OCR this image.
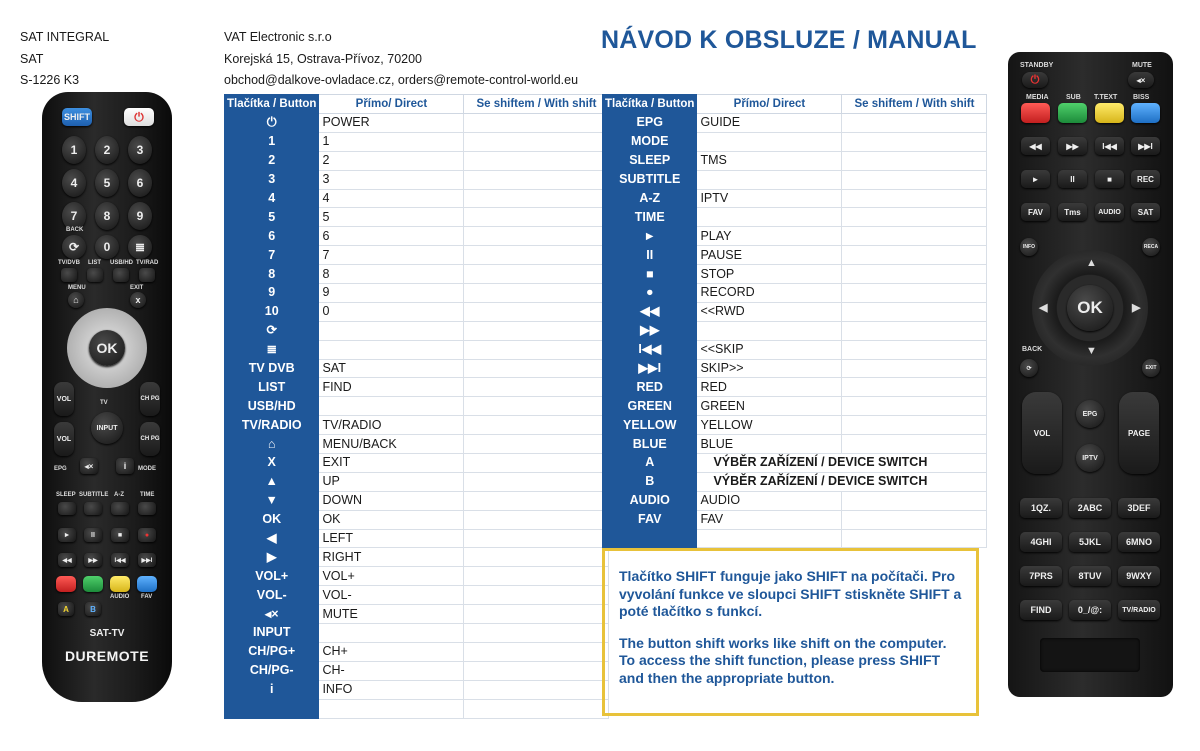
SAT INTEGRAL
SAT
S-1226 K3
VAT Electronic s.r.o
Korejská 15, Ostrava-Přívoz, 70200
obchod@dalkove-ovladace.cz, orders@remote-control-world.eu
NÁVOD K OBSLUZE / MANUAL
Tlačítka / Button	Přímo/ Direct	Se shiftem / With shift
⏻	POWER	
1	1	
2	2	
3	3	
4	4	
5	5	
6	6	
7	7	
8	8	
9	9	
10	0	
⟳		
≣		
TV DVB	SAT	
LIST	FIND	
USB/HD		
TV/RADIO	TV/RADIO	
⌂	MENU/BACK	
X	EXIT	
▲	UP	
▼	DOWN	
OK	OK	
◀	LEFT	
▶	RIGHT	
VOL+	VOL+	
VOL-	VOL-	
◂×	MUTE	
INPUT		
CH/PG+	CH+	
CH/PG-	CH-	
i	INFO	

Tlačítka / Button	Přímo/ Direct	Se shiftem / With shift
EPG	GUIDE	
MODE		
SLEEP	TMS	
SUBTITLE		
A-Z	IPTV	
TIME		
►	PLAY	
II	PAUSE	
■	STOP	
●	RECORD	
◀◀	<<RWD	
▶▶		
I◀◀	<<SKIP	
▶▶I	SKIP>>	
RED	RED	
GREEN	GREEN	
YELLOW	YELLOW	
BLUE	BLUE	
A	VÝBĚR ZAŘÍZENÍ / DEVICE SWITCH	
B	VÝBĚR ZAŘÍZENÍ / DEVICE SWITCH	
AUDIO	AUDIO	
FAV	FAV	

Tlačítko SHIFT funguje jako SHIFT na počítači. Pro vyvolání funkce ve sloupci SHIFT stiskněte SHIFT a poté tlačítko s funkcí.

The button shift works like shift on the computer. To access the shift function, please press SHIFT and then the appropriate button.

SHIFT	⏻
1	2	3
4	5	6
7	8	9
BACK
⟳	0	≣
TV/DVB LIST USB/HD TV/RAD
MENU	EXIT
⌂	x
OK
VOL
TV
CH PG
INPUT
VOL	CH PG
EPG	◂×	i	MODE
SLEEP SUBTITLE A-Z	TIME
►	II	■	●
◀◀	▶▶	I◀◀	▶▶I
AUDIO FAV
A	B
SAT-TV
DUREMOTE
STANDBY	MUTE
⏻	◂×
MEDIA SUB T.TEXT BISS
◀◀	▶▶	I◀◀	▶▶I
►	II	■	REC
FAV	Tms	AUDIO	SAT
INFO	RECA
OK
▲
▼
◀	▶
BACK
⟳	EXIT
VOL
EPG
IPTV
PAGE
1QZ.	2ABC	3DEF
4GHI	5JKL	6MNO
7PRS	8TUV	9WXY
FIND	0_/@:	TV/RADIO
